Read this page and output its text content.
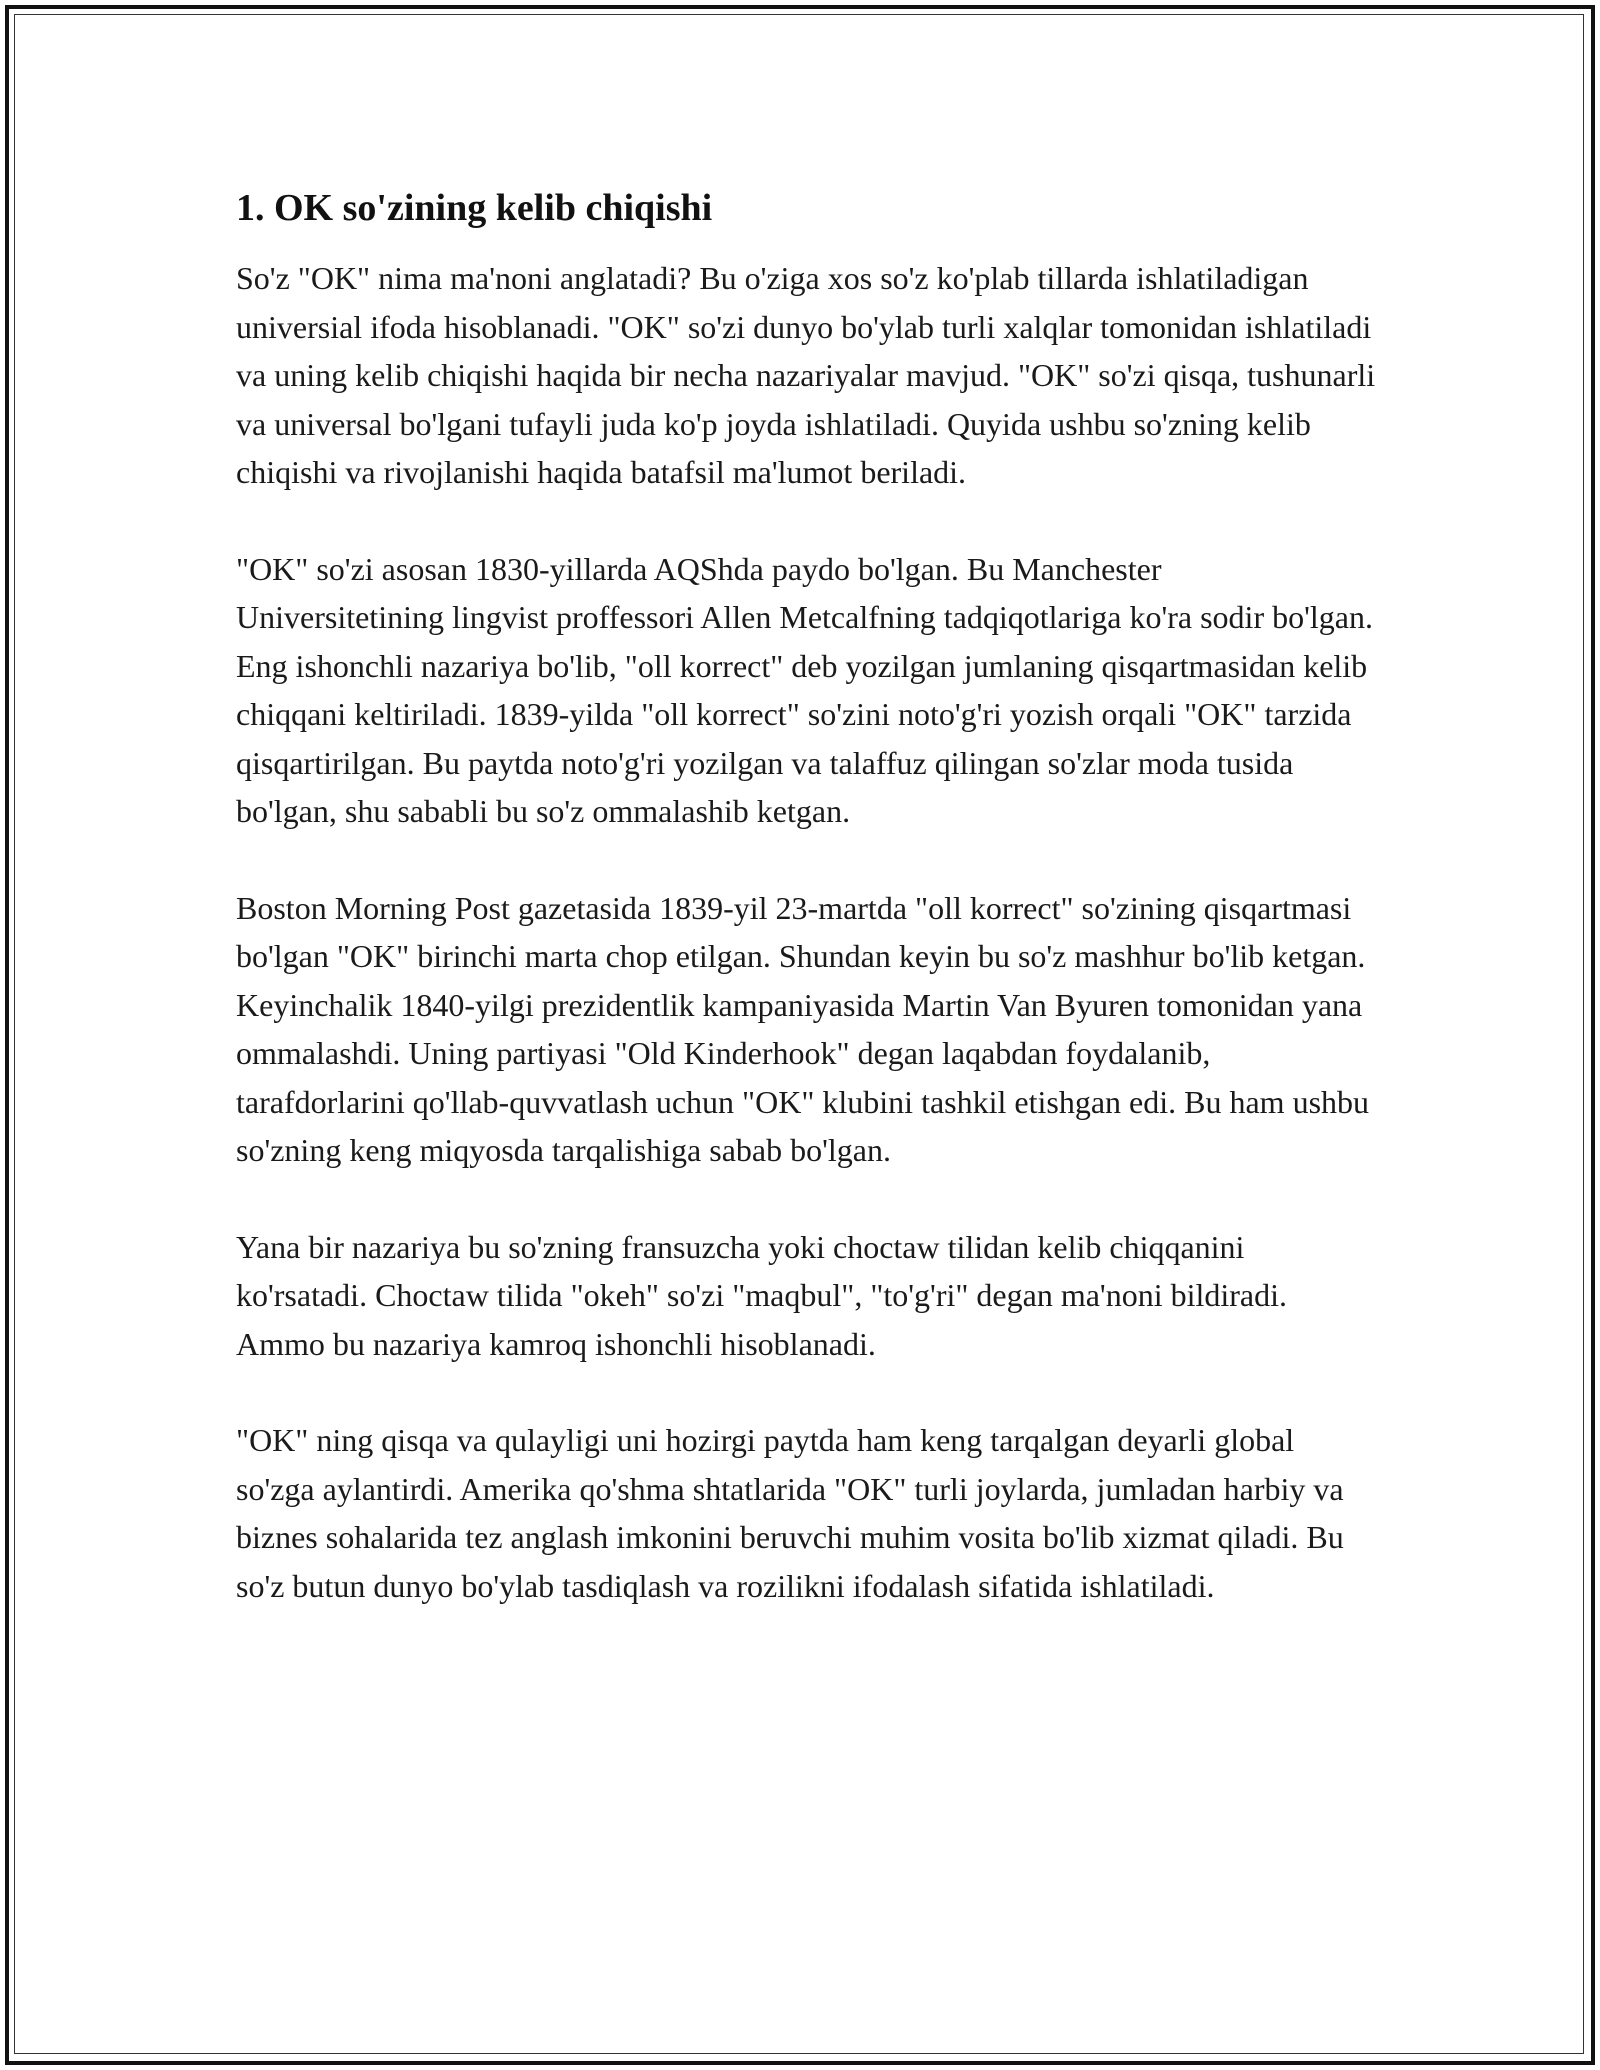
1. OK so'zining kelib chiqishi

So'z "OK" nima ma'noni anglatadi? Bu o'ziga xos so'z ko'plab tillarda ishlatiladigan universial ifoda hisoblanadi. "OK" so'zi dunyo bo'ylab turli xalqlar tomonidan ishlatiladi va uning kelib chiqishi haqida bir necha nazariyalar mavjud. "OK" so'zi qisqa, tushunarli va universal bo'lgani tufayli juda ko'p joyda ishlatiladi. Quyida ushbu so'zning kelib chiqishi va rivojlanishi haqida batafsil ma'lumot beriladi.

"OK" so'zi asosan 1830-yillarda AQShda paydo bo'lgan. Bu Manchester Universitetining lingvist proffessori Allen Metcalfning tadqiqotlariga ko'ra sodir bo'lgan. Eng ishonchli nazariya bo'lib, "oll korrect" deb yozilgan jumlaning qisqartmasidan kelib chiqqani keltiriladi. 1839-yilda "oll korrect" so'zini noto'g'ri yozish orqali "OK" tarzida qisqartirilgan. Bu paytda noto'g'ri yozilgan va talaffuz qilingan so'zlar moda tusida bo'lgan, shu sababli bu so'z ommalashib ketgan.

Boston Morning Post gazetasida 1839-yil 23-martda "oll korrect" so'zining qisqartmasi bo'lgan "OK" birinchi marta chop etilgan. Shundan keyin bu so'z mashhur bo'lib ketgan. Keyinchalik 1840-yilgi prezidentlik kampaniyasida Martin Van Byuren tomonidan yana ommalashdi. Uning partiyasi "Old Kinderhook" degan laqabdan foydalanib, tarafdorlarini qo'llab-quvvatlash uchun "OK" klubini tashkil etishgan edi. Bu ham ushbu so'zning keng miqyosda tarqalishiga sabab bo'lgan.

Yana bir nazariya bu so'zning fransuzcha yoki choctaw tilidan kelib chiqqanini ko'rsatadi. Choctaw tilida "okeh" so'zi "maqbul", "to'g'ri" degan ma'noni bildiradi. Ammo bu nazariya kamroq ishonchli hisoblanadi.

"OK" ning qisqa va qulayligi uni hozirgi paytda ham keng tarqalgan deyarli global so'zga aylantirdi. Amerika qo'shma shtatlarida "OK" turli joylarda, jumladan harbiy va biznes sohalarida tez anglash imkonini beruvchi muhim vosita bo'lib xizmat qiladi. Bu so'z butun dunyo bo'ylab tasdiqlash va rozilikni ifodalash sifatida ishlatiladi.
